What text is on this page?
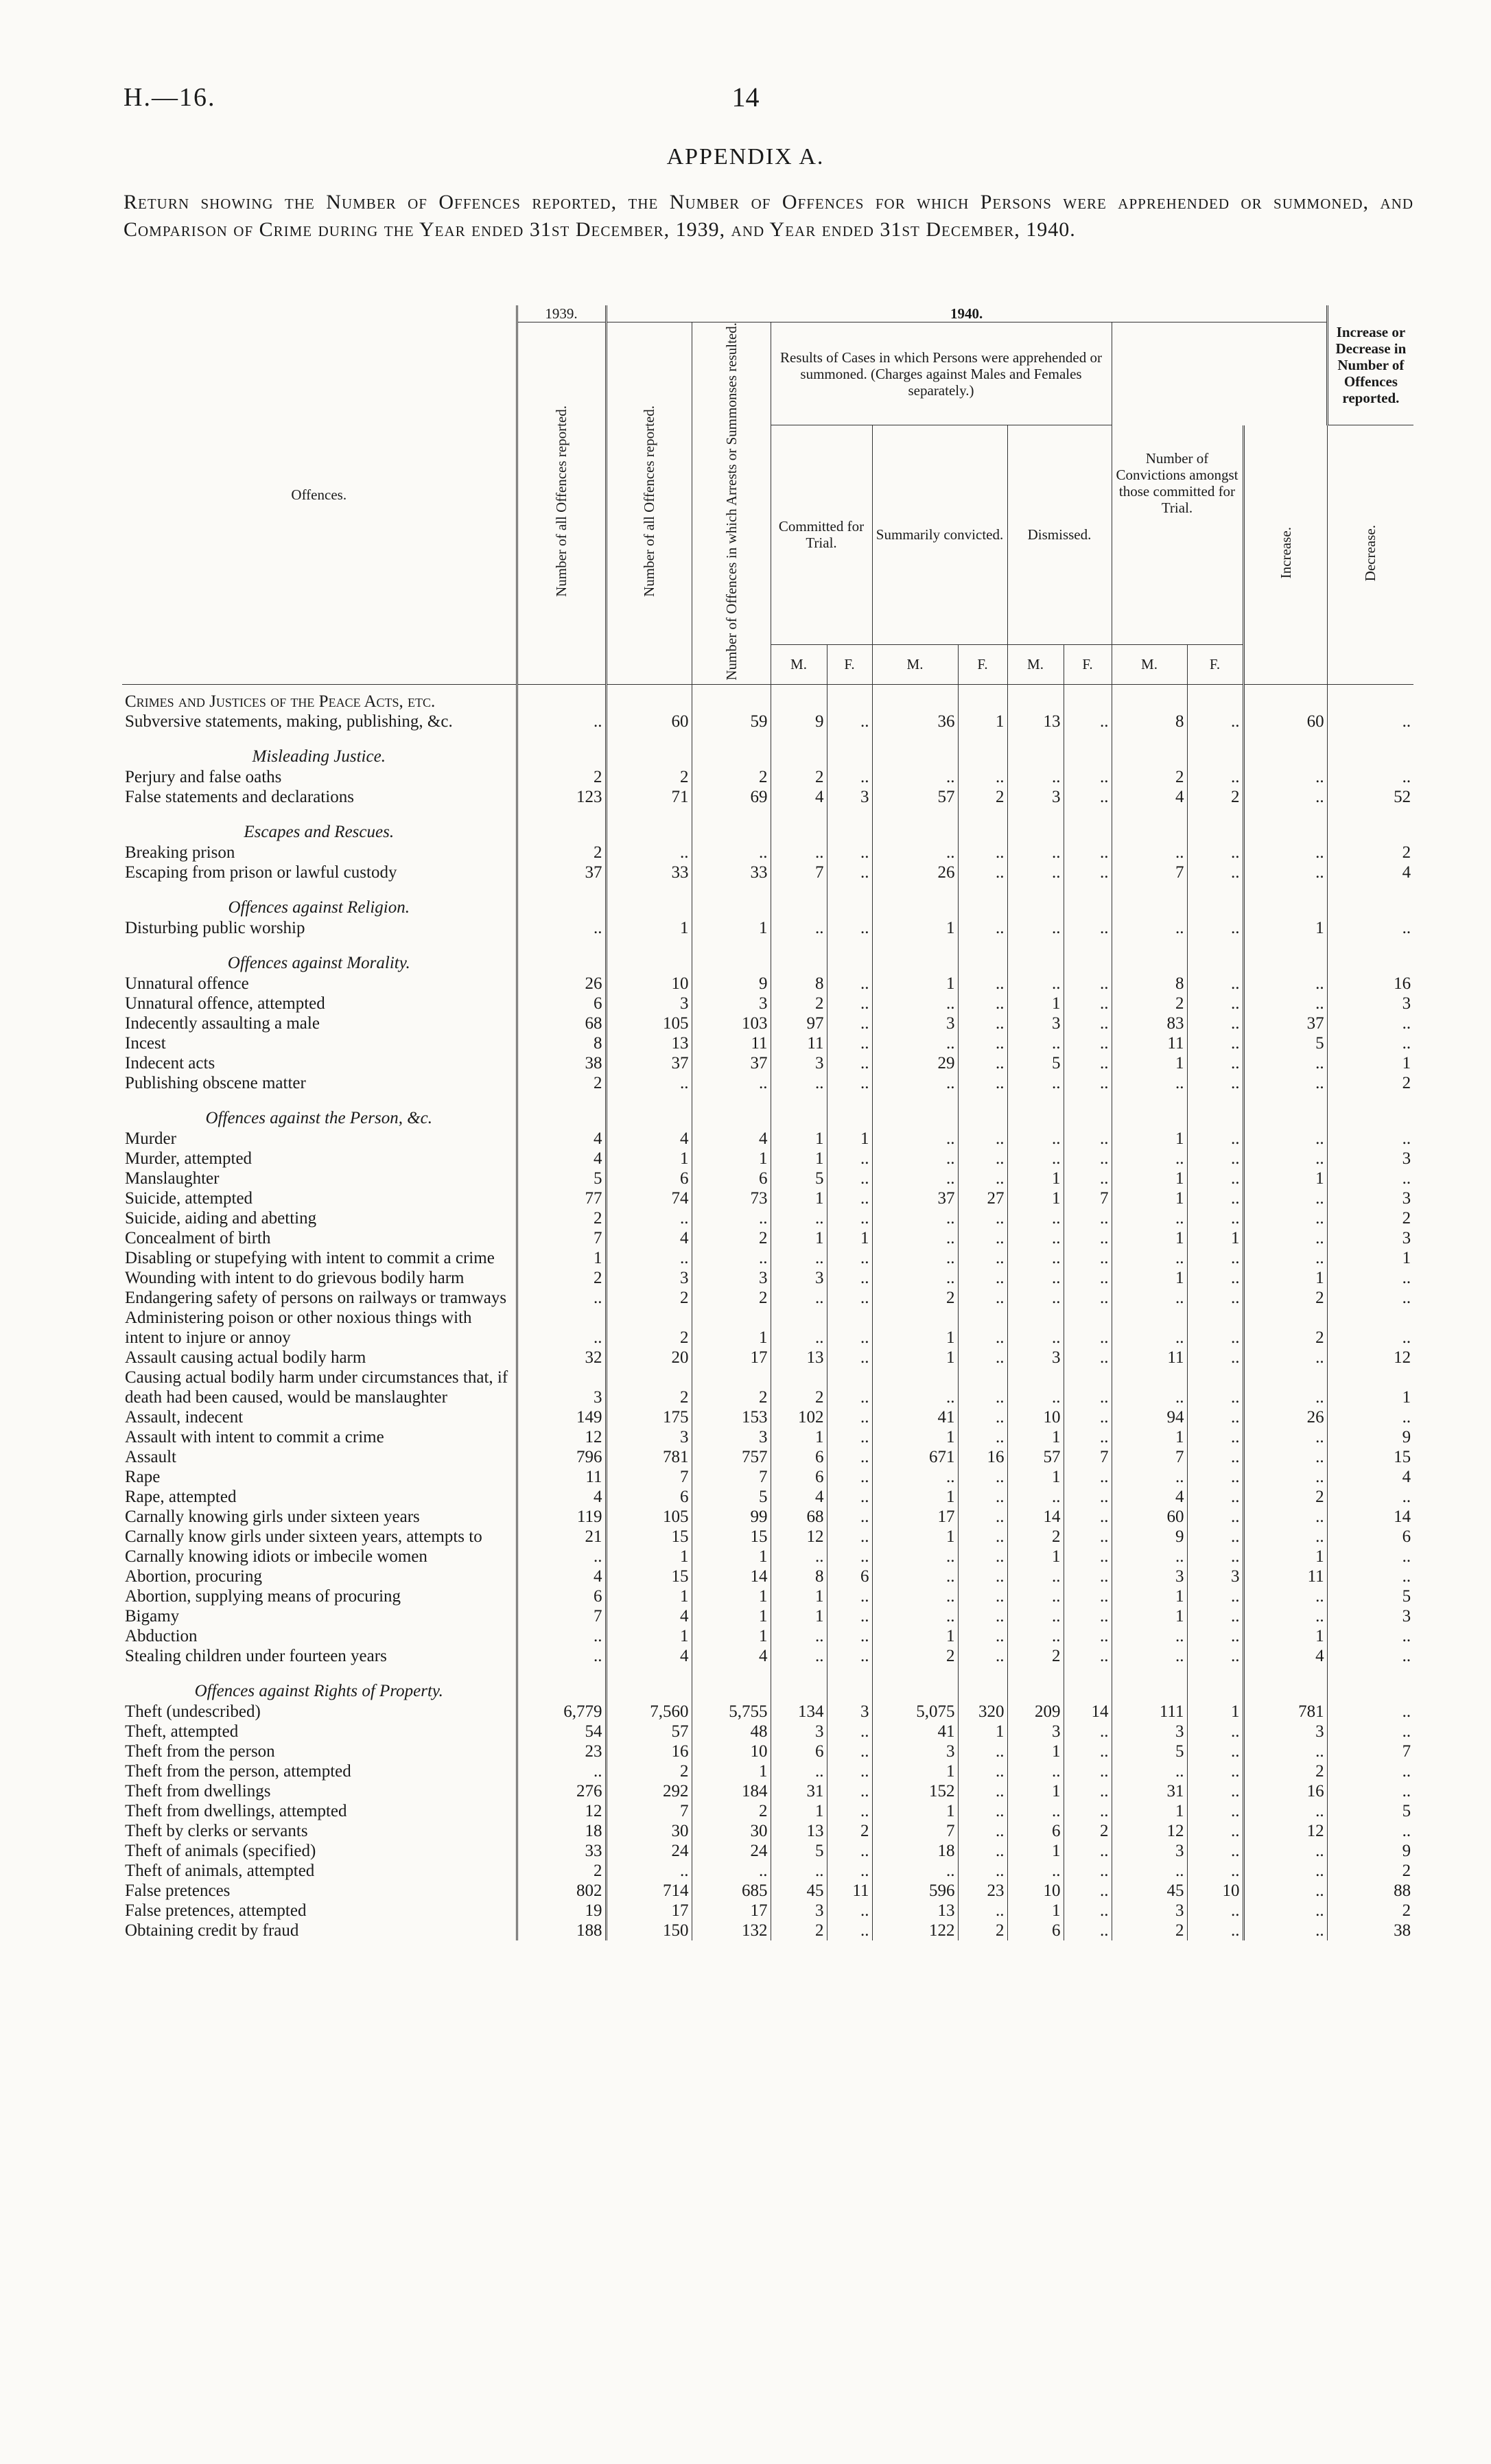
H.—16.	14
APPENDIX A.
Return showing the Number of Offences reported, the Number of Offences for which Persons were apprehended or summoned, and Comparison of Crime during the Year ended 31st December, 1939, and Year ended 31st December, 1940.
Offences.	1939.	1940.											Increase or Decrease in Number of Offences reported.
	Number of all Offences reported.	Number of all Offences reported.	Number of Offences in which Arrests or Summonses resulted.	Results of Cases in which Persons were apprehended or summoned. (Charges against Males and Females separately.)						Number of Convictions amongst those committed for Trial.			
				Committed for Trial.		Summarily convicted.		Dismissed.				Increase.	Decrease.
				M.	F.	M.	F.	M.	F.	M.	F.		
Crimes and Justices of the Peace Acts, etc.													
Subversive statements, making, publishing, &c.	..	60	59	9	..	36	1	13	..	8	..	60	..
Misleading Justice.													
Perjury and false oaths	2	2	2	2	..	..	..	..	..	2	..	..	..
False statements and declarations	123	71	69	4	3	57	2	3	..	4	2	..	52
Escapes and Rescues.													
Breaking prison	2	..	..	..	..	..	..	..	..	..	..	..	2
Escaping from prison or lawful custody	37	33	33	7	..	26	..	..	..	7	..	..	4
Offences against Religion.													
Disturbing public worship	..	1	1	..	..	1	..	..	..	..	..	1	..
Offences against Morality.													
Unnatural offence	26	10	9	8	..	1	..	..	..	8	..	..	16
Unnatural offence, attempted	6	3	3	2	..	..	..	1	..	2	..	..	3
Indecently assaulting a male	68	105	103	97	..	3	..	3	..	83	..	37	..
Incest	8	13	11	11	..	..	..	..	..	11	..	5	..
Indecent acts	38	37	37	3	..	29	..	5	..	1	..	..	1
Publishing obscene matter	2	..	..	..	..	..	..	..	..	..	..	..	2
Offences against the Person, &c.													
Murder	4	4	4	1	1	..	..	..	..	1	..	..	..
Murder, attempted	4	1	1	1	..	..	..	..	..	..	..	..	3
Manslaughter	5	6	6	5	..	..	..	1	..	1	..	1	..
Suicide, attempted	77	74	73	1	..	37	27	1	7	1	..	..	3
Suicide, aiding and abetting	2	..	..	..	..	..	..	..	..	..	..	..	2
Concealment of birth	7	4	2	1	1	..	..	..	..	1	1	..	3
Disabling or stupefying with intent to commit a crime	1	..	..	..	..	..	..	..	..	..	..	..	1
Wounding with intent to do grievous bodily harm	2	3	3	3	..	..	..	..	..	1	..	1	..
Endangering safety of persons on railways or tramways	..	2	2	..	..	2	..	..	..	..	..	2	..
Administering poison or other noxious things with intent to injure or annoy	..	2	1	..	..	1	..	..	..	..	..	2	..
Assault causing actual bodily harm	32	20	17	13	..	1	..	3	..	11	..	..	12
Causing actual bodily harm under circumstances that, if death had been caused, would be manslaughter	3	2	2	2	..	..	..	..	..	..	..	..	1
Assault, indecent	149	175	153	102	..	41	..	10	..	94	..	26	..
Assault with intent to commit a crime	12	3	3	1	..	1	..	1	..	1	..	..	9
Assault	796	781	757	6	..	671	16	57	7	7	..	..	15
Rape	11	7	7	6	..	..	..	1	..	..	..	..	4
Rape, attempted	4	6	5	4	..	1	..	..	..	4	..	2	..
Carnally knowing girls under sixteen years	119	105	99	68	..	17	..	14	..	60	..	..	14
Carnally know girls under sixteen years, attempts to	21	15	15	12	..	1	..	2	..	9	..	..	6
Carnally knowing idiots or imbecile women	..	1	1	..	..	..	..	1	..	..	..	1	..
Abortion, procuring	4	15	14	8	6	..	..	..	..	3	3	11	..
Abortion, supplying means of procuring	6	1	1	1	..	..	..	..	..	1	..	..	5
Bigamy	7	4	1	1	..	..	..	..	..	1	..	..	3
Abduction	..	1	1	..	..	1	..	..	..	..	..	1	..
Stealing children under fourteen years	..	4	4	..	..	2	..	2	..	..	..	4	..
Offences against Rights of Property.													
Theft (undescribed)	6,779	7,560	5,755	134	3	5,075	320	209	14	111	1	781	..
Theft, attempted	54	57	48	3	..	41	1	3	..	3	..	3	..
Theft from the person	23	16	10	6	..	3	..	1	..	5	..	..	7
Theft from the person, attempted	..	2	1	..	..	1	..	..	..	..	..	2	..
Theft from dwellings	276	292	184	31	..	152	..	1	..	31	..	16	..
Theft from dwellings, attempted	12	7	2	1	..	1	..	..	..	1	..	..	5
Theft by clerks or servants	18	30	30	13	2	7	..	6	2	12	..	12	..
Theft of animals (specified)	33	24	24	5	..	18	..	1	..	3	..	..	9
Theft of animals, attempted	2	..	..	..	..	..	..	..	..	..	..	..	2
False pretences	802	714	685	45	11	596	23	10	..	45	10	..	88
False pretences, attempted	19	17	17	3	..	13	..	1	..	3	..	..	2
Obtaining credit by fraud	188	150	132	2	..	122	2	6	..	2	..	..	38
